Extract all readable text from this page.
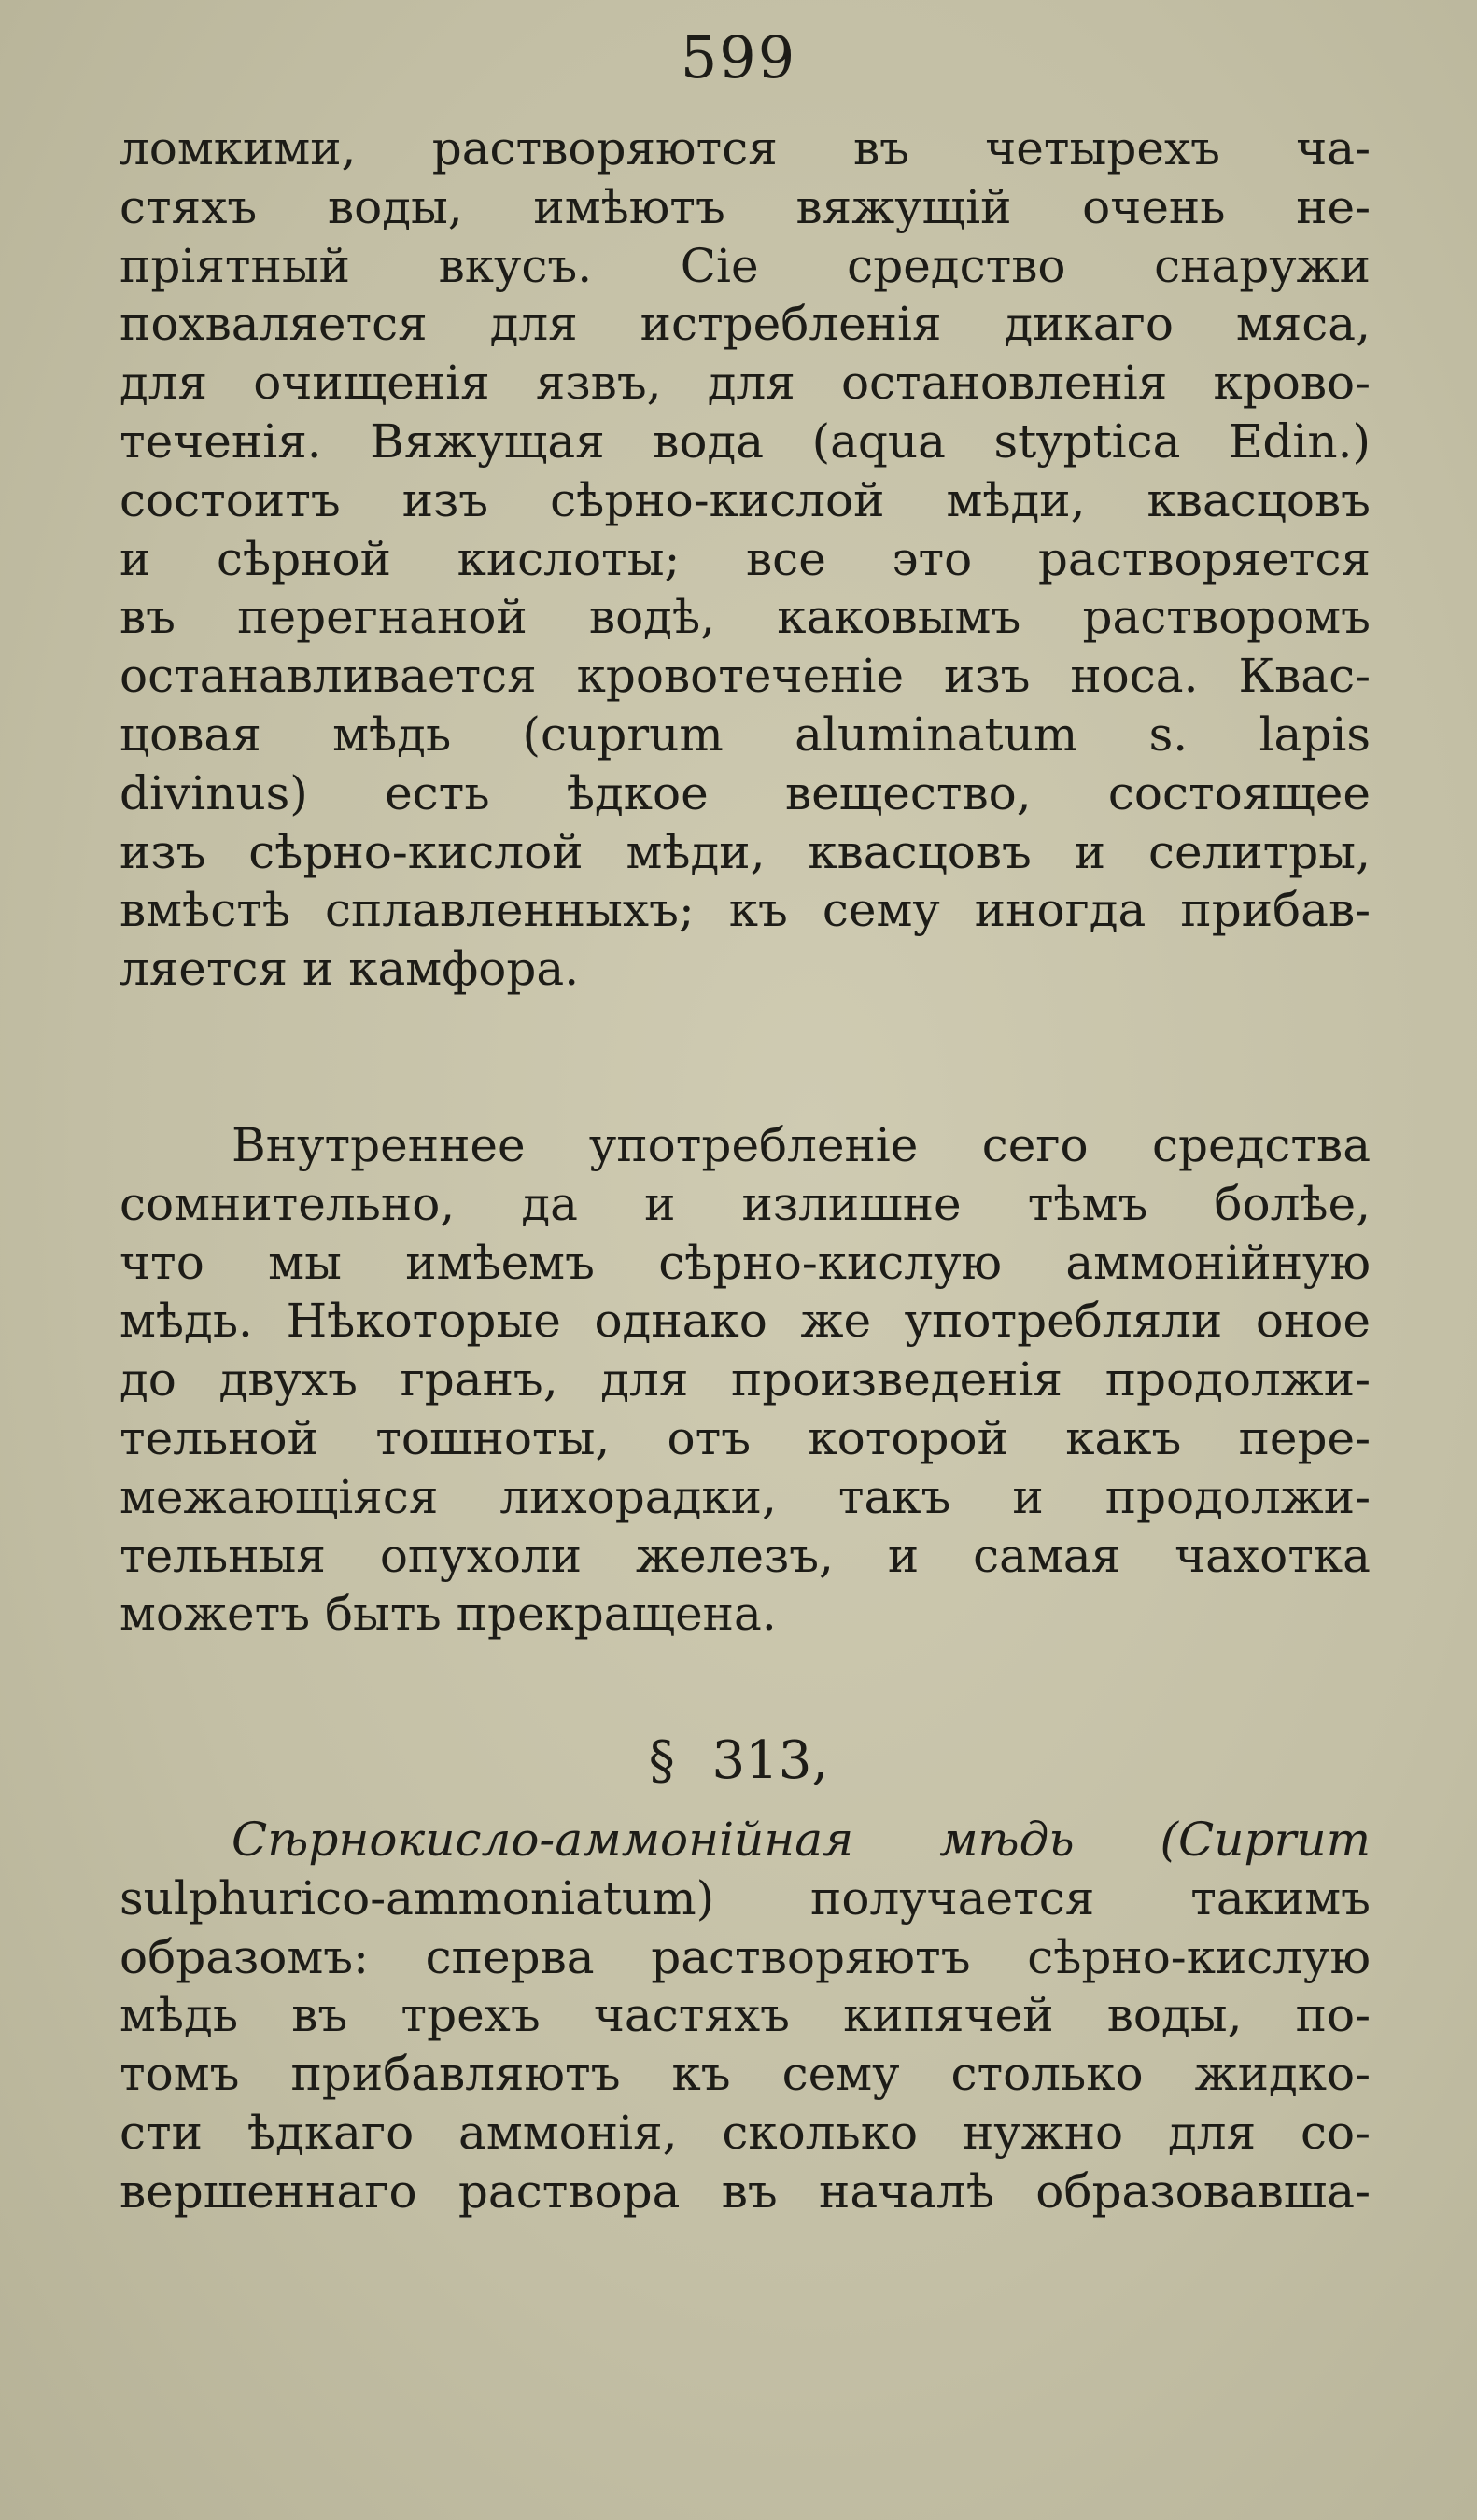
599
ломкими, растворяются въ четырехъ ча-
стяхъ воды, имѣютъ вяжущій очень не-
пріятный вкусъ. Сіе средство снаружи
похваляется для истребленія дикаго мяса,
для очищенія язвъ, для остановленія крово-
теченія. Вяжущая вода (aqua styptica Edin.)
состоитъ изъ сѣрно-кислой мѣди, квасцовъ
и сѣрной кислоты; все это растворяется
въ перегнаной водѣ, каковымъ растворомъ
останавливается кровотеченіе изъ носа. Квас-
цовая мѣдь (cuprum aluminatum s. lapis
divinus) есть ѣдкое вещество, состоящее
изъ сѣрно-кислой мѣди, квасцовъ и селитры,
вмѣстѣ сплавленныхъ; къ сему иногда прибав-
ляется и камфора.
Внутреннее употребленіе сего средства
сомнительно, да и излишне тѣмъ болѣе,
что мы имѣемъ сѣрно-кислую аммонійную
мѣдь. Нѣкоторые однако же употребляли оное
до двухъ гранъ, для произведенія продолжи-
тельной тошноты, отъ которой какъ пере-
межающіяся лихорадки, такъ и продолжи-
тельныя опухоли железъ, и самая чахотка
можетъ быть прекращена.
§ 313,
Сѣрнокисло-аммонійная мѣдь (Cuprum
sulphurico-ammoniatum) получается такимъ
образомъ: сперва растворяютъ сѣрно-кислую
мѣдь въ трехъ частяхъ кипячей воды, по-
томъ прибавляютъ къ сему столько жидко-
сти ѣдкаго аммонія, сколько нужно для со-
вершеннаго раствора въ началѣ образовавша-
